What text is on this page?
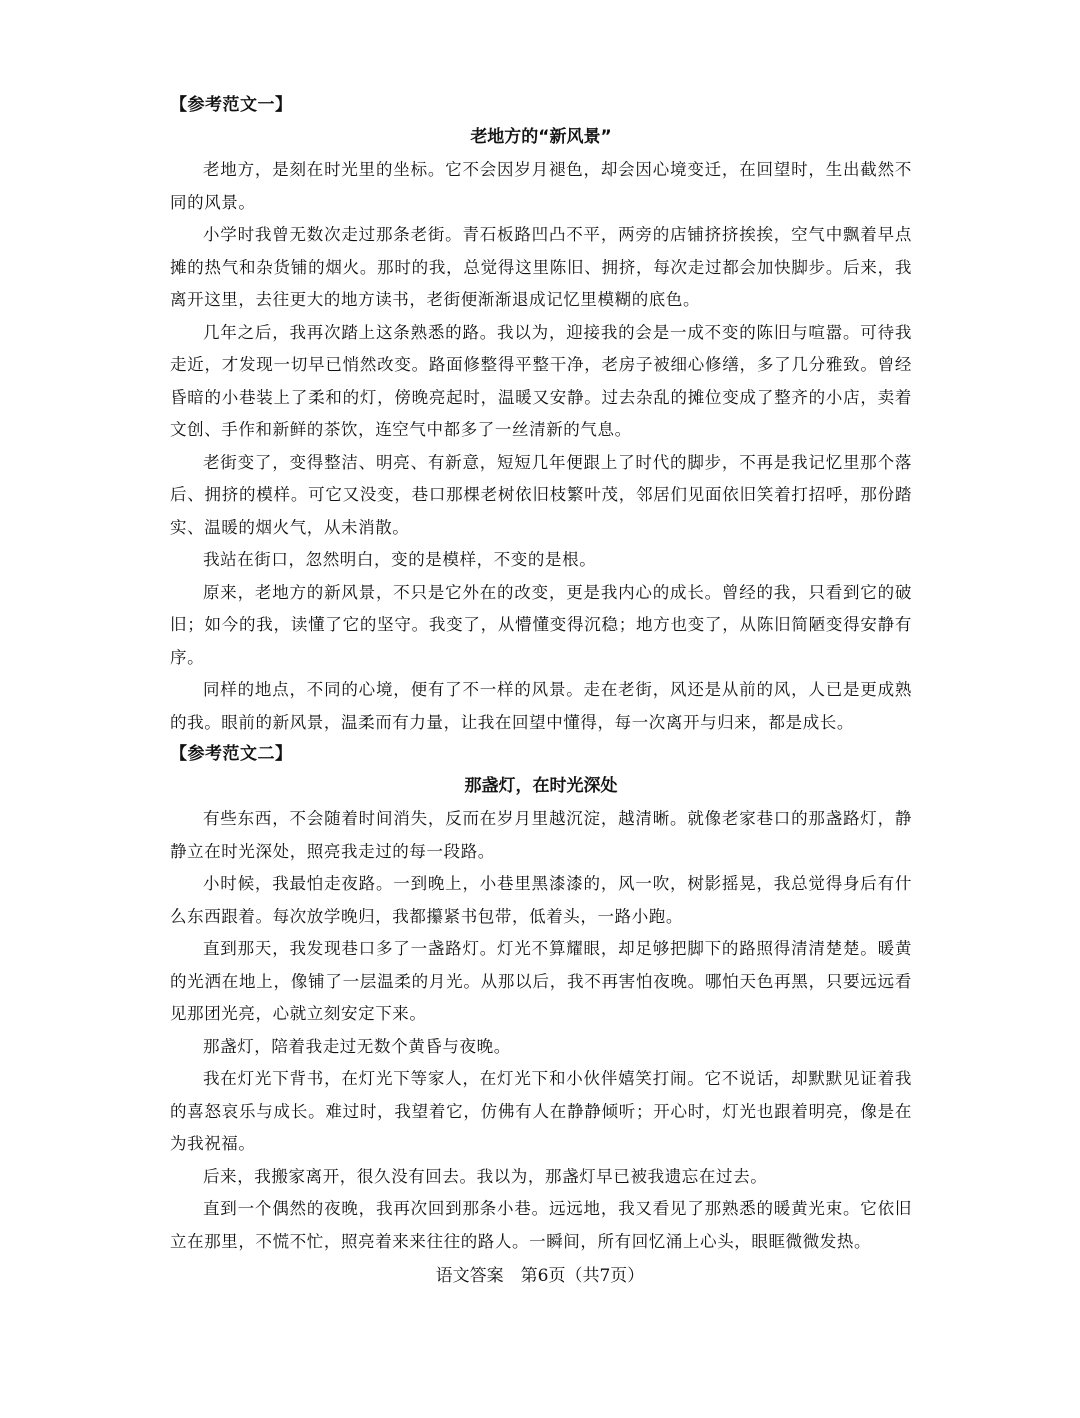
【参考范文一】
老地方的“新风景”

老地方，是刻在时光里的坐标。它不会因岁月褪色，却会因心境变迁，在回望时，生出截然不同的风景。

小学时我曾无数次走过那条老街。青石板路凹凸不平，两旁的店铺挤挤挨挨，空气中飘着早点摊的热气和杂货铺的烟火。那时的我，总觉得这里陈旧、拥挤，每次走过都会加快脚步。后来，我离开这里，去往更大的地方读书，老街便渐渐退成记忆里模糊的底色。

几年之后，我再次踏上这条熟悉的路。我以为，迎接我的会是一成不变的陈旧与喧嚣。可待我走近，才发现一切早已悄然改变。路面修整得平整干净，老房子被细心修缮，多了几分雅致。曾经昏暗的小巷装上了柔和的灯，傍晚亮起时，温暖又安静。过去杂乱的摊位变成了整齐的小店，卖着文创、手作和新鲜的茶饮，连空气中都多了一丝清新的气息。

老街变了，变得整洁、明亮、有新意，短短几年便跟上了时代的脚步，不再是我记忆里那个落后、拥挤的模样。可它又没变，巷口那棵老树依旧枝繁叶茂，邻居们见面依旧笑着打招呼，那份踏实、温暖的烟火气，从未消散。

我站在街口，忽然明白，变的是模样，不变的是根。

原来，老地方的新风景，不只是它外在的改变，更是我内心的成长。曾经的我，只看到它的破旧；如今的我，读懂了它的坚守。我变了，从懵懂变得沉稳；地方也变了，从陈旧简陋变得安静有序。

同样的地点，不同的心境，便有了不一样的风景。走在老街，风还是从前的风，人已是更成熟的我。眼前的新风景，温柔而有力量，让我在回望中懂得，每一次离开与归来，都是成长。

【参考范文二】
那盏灯，在时光深处

有些东西，不会随着时间消失，反而在岁月里越沉淀，越清晰。就像老家巷口的那盏路灯，静静立在时光深处，照亮我走过的每一段路。

小时候，我最怕走夜路。一到晚上，小巷里黑漆漆的，风一吹，树影摇晃，我总觉得身后有什么东西跟着。每次放学晚归，我都攥紧书包带，低着头，一路小跑。

直到那天，我发现巷口多了一盏路灯。灯光不算耀眼，却足够把脚下的路照得清清楚楚。暖黄的光洒在地上，像铺了一层温柔的月光。从那以后，我不再害怕夜晚。哪怕天色再黑，只要远远看见那团光亮，心就立刻安定下来。

那盏灯，陪着我走过无数个黄昏与夜晚。

我在灯光下背书，在灯光下等家人，在灯光下和小伙伴嬉笑打闹。它不说话，却默默见证着我的喜怒哀乐与成长。难过时，我望着它，仿佛有人在静静倾听；开心时，灯光也跟着明亮，像是在为我祝福。

后来，我搬家离开，很久没有回去。我以为，那盏灯早已被我遗忘在过去。

直到一个偶然的夜晚，我再次回到那条小巷。远远地，我又看见了那熟悉的暖黄光束。它依旧立在那里，不慌不忙，照亮着来来往往的路人。一瞬间，所有回忆涌上心头，眼眶微微发热。

语文答案　第6页（共7页）
